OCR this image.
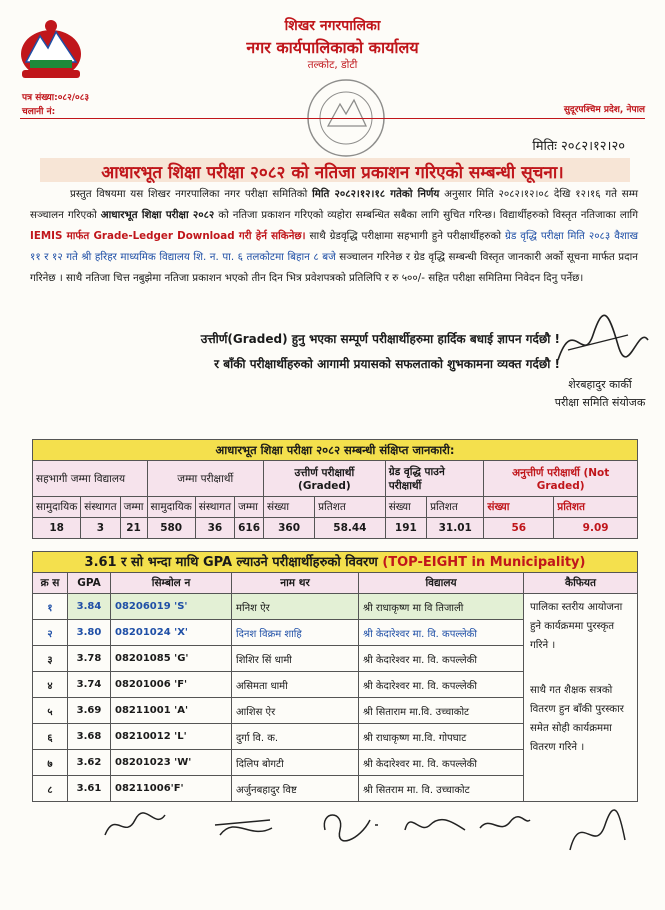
शिखर नगरपालिका
नगर कार्यपालिकाको कार्यालय
तल्कोट, डोटी
पत्र संख्या:०८२/०८३
चलानी नं:	सुदूरपश्चिम प्रदेश, नेपाल
मितिः २०८२।१२।२०
आधारभूत शिक्षा परीक्षा २०८२ को नतिजा प्रकाशन गरिएको सम्बन्धी सूचना।
प्रस्तुत विषयमा यस शिखर नगरपालिका नगर परीक्षा समितिको मिति २०८२।१२।१८ गतेको निर्णय अनुसार मिति २०८२।१२।०८ देखि १२।१६ गते सम्म सञ्चालन गरिएको आधारभूत शिक्षा परीक्षा २०८२ को नतिजा प्रकाशन गरिएको व्यहोरा सम्बन्धित सबैका लागि सुचित गरिन्छ। विद्यार्थीहरुको विस्तृत नतिजाका लागि IEMIS मार्फत Grade-Ledger Download गरी हेर्न सकिनेछ। साथै ग्रेडवृद्धि परीक्षामा सहभागी हुने परीक्षार्थीहरुको ग्रेड वृद्धि परीक्षा मिति २०८३ वैशाख ११ र १२ गते श्री हरिहर माध्यमिक विद्यालय शि. न. पा. ६ तलकोटमा बिहान ८ बजे सञ्चालन गरिनेछ र ग्रेड वृद्धि सम्बन्धी विस्तृत जानकारी अर्को सूचना मार्फत प्रदान गरिनेछ । साथै नतिजा चित्त नबुझेमा नतिजा प्रकाशन भएको तीन दिन भित्र प्रवेशपत्रको प्रतिलिपि र रु ५००/- सहित परीक्षा समितिमा निवेदन दिनु पर्नेछ।
उत्तीर्ण(Graded) हुनु भएका सम्पूर्ण परीक्षार्थीहरुमा हार्दिक बधाई ज्ञापन गर्दछौ !
र बाँकी परीक्षार्थीहरुको आगामी प्रयासको सफलताको शुभकामना व्यक्त गर्दछौ !
शेरबहादुर कार्की
परीक्षा समिति संयोजक
आधारभूत शिक्षा परीक्षा २०८२ सम्बन्धी संक्षिप्त जानकारी:											
सहभागी जम्मा विद्यालय			जम्मा परीक्षार्थी			उत्तीर्ण परीक्षार्थी (Graded)		ग्रेड वृद्धि पाउने परीक्षार्थी		अनुत्तीर्ण परीक्षार्थी (Not Graded)	
सामुदायिक	संस्थागत	जम्मा	सामुदायिक	संस्थागत	जम्मा	संख्या	प्रतिशत	संख्या	प्रतिशत	संख्या	प्रतिशत
18	3	21	580	36	616	360	58.44	191	31.01	56	9.09
3.61 र सो भन्दा माथि GPA ल्याउने परीक्षार्थीहरुको विवरण (TOP-EIGHT in Municipality)
क्र स	GPA	सिम्बोल न	नाम थर	विद्यालय	कैफियत
१	3.84	08206019 'S'	मनिश ऐर	श्री राधाकृष्ण मा वि तिजाली	पालिका स्तरीय आयोजना हुने कार्यक्रममा पुरस्कृत गरिने ।
साथै गत शैक्षक सत्रको वितरण हुन बाँकी पुरस्कार समेत सोही कार्यक्रममा वितरण गरिने ।

२	3.80	08201024 'X'	दिनश विक्रम शाहि	श्री केदारेश्वर मा. वि. कपल्लेकी	
३	3.78	08201085 'G'	शिशिर सिं धामी	श्री केदारेश्वर मा. वि. कपल्लेकी	
४	3.74	08201006 'F'	असिमता धामी	श्री केदारेश्वर मा. वि. कपल्लेकी	
५	3.69	08211001 'A'	आशिस ऐर	श्री सिताराम मा.वि. उच्चाकोट	
६	3.68	08210012 'L'	दुर्गा वि. क.	श्री राधाकृष्ण मा.वि. गोपघाट	
७	3.62	08201023 'W'	दिलिप बोगटी	श्री केदारेश्वर मा. वि. कपल्लेकी	
८	3.61	08211006'F'	अर्जुनबहादुर विष्ट	श्री सितराम मा. वि. उच्चाकोट	
